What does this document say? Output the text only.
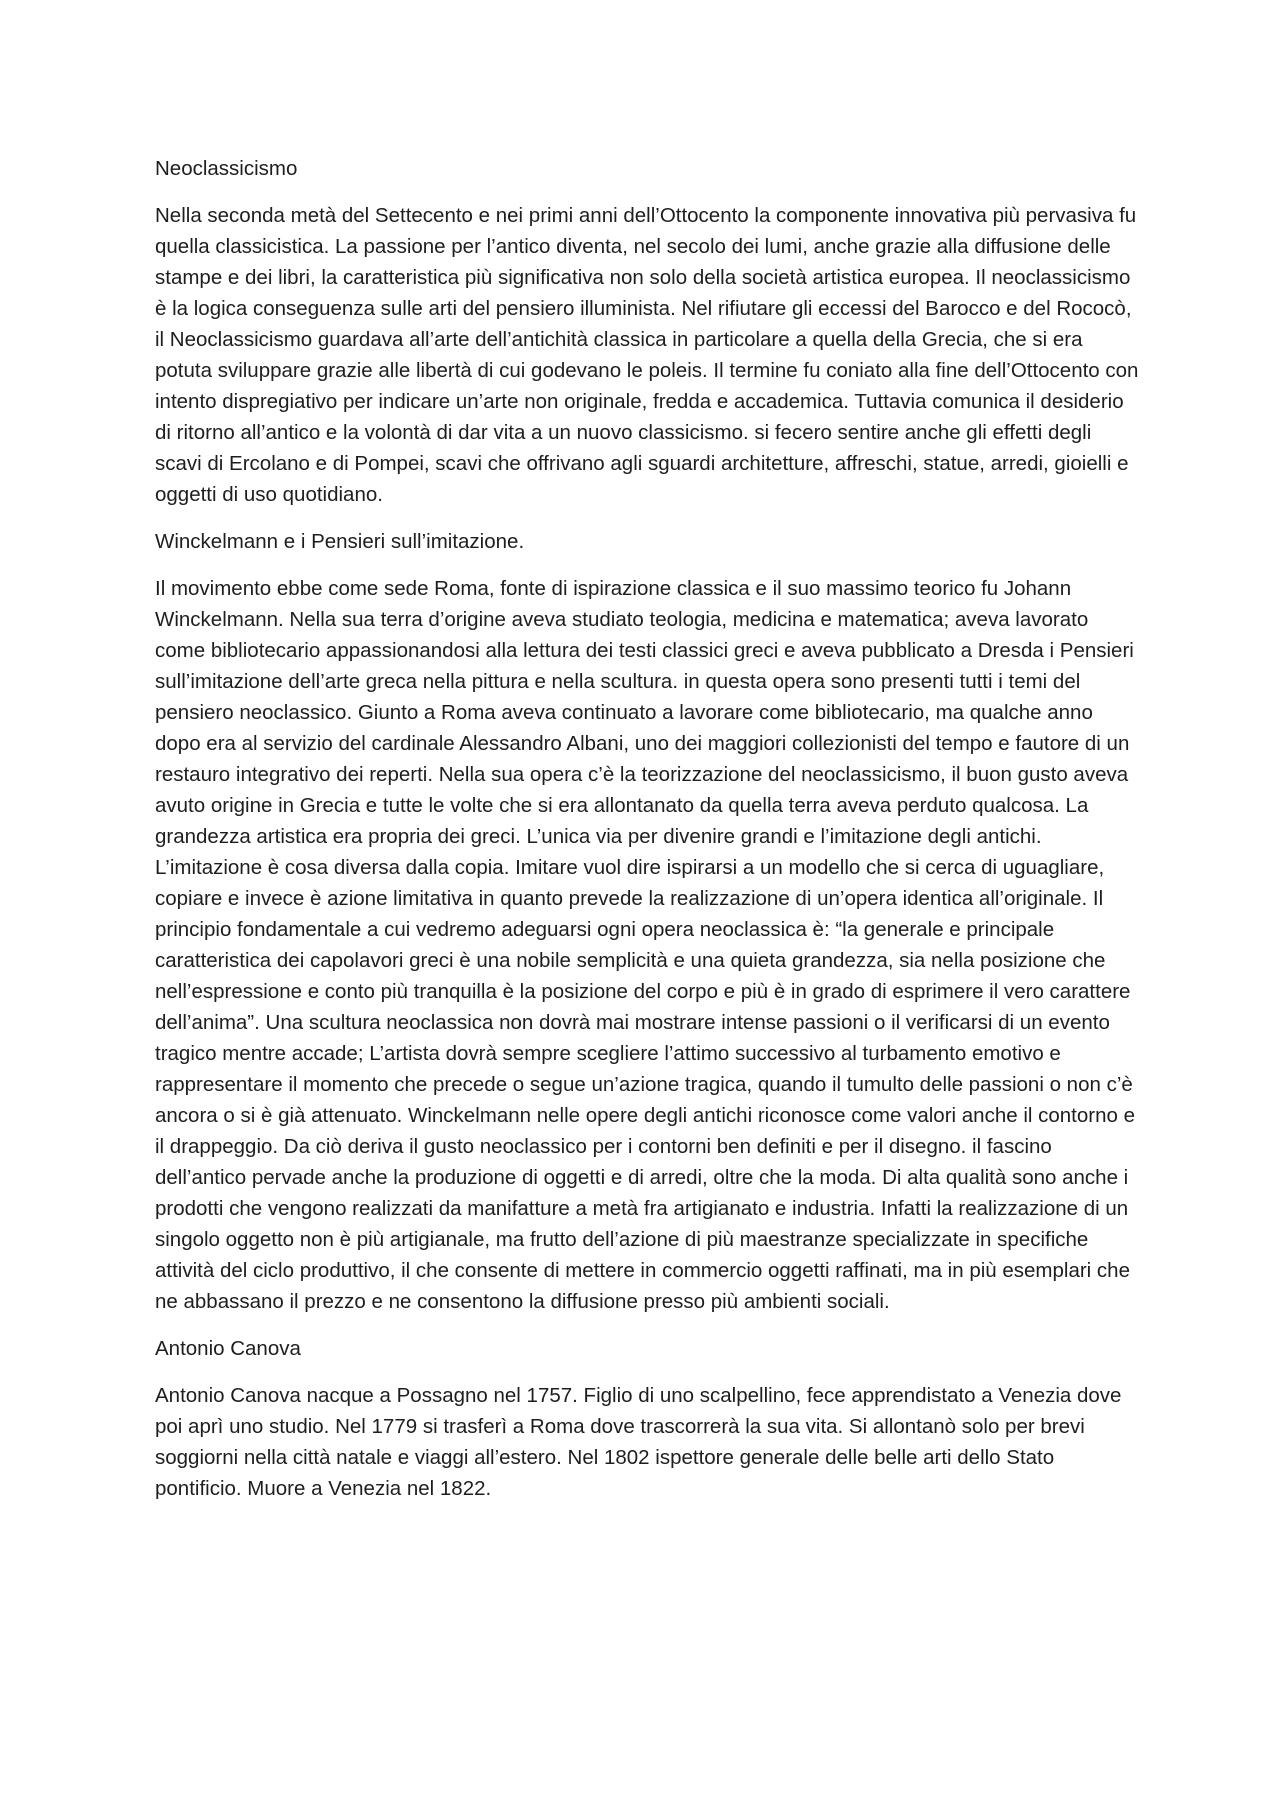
Neoclassicismo

Nella seconda metà del Settecento e nei primi anni dell’Ottocento la componente innovativa più pervasiva fu quella classicistica. La passione per l’antico diventa, nel secolo dei lumi, anche grazie alla diffusione delle stampe e dei libri, la caratteristica più significativa non solo della società artistica europea. Il neoclassicismo è la logica conseguenza sulle arti del pensiero illuminista. Nel rifiutare gli eccessi del Barocco e del Rococò, il Neoclassicismo guardava all’arte dell’antichità classica in particolare a quella della Grecia, che si era potuta sviluppare grazie alle libertà di cui godevano le poleis. Il termine fu coniato alla fine dell’Ottocento con intento dispregiativo per indicare un’arte non originale, fredda e accademica. Tuttavia comunica il desiderio di ritorno all’antico e la volontà di dar vita a un nuovo classicismo. si fecero sentire anche gli effetti degli scavi di Ercolano e di Pompei, scavi che offrivano agli sguardi architetture, affreschi, statue, arredi, gioielli e oggetti di uso quotidiano.

Winckelmann e i Pensieri sull’imitazione.

Il movimento ebbe come sede Roma, fonte di ispirazione classica e il suo massimo teorico fu Johann Winckelmann. Nella sua terra d’origine aveva studiato teologia, medicina e matematica; aveva lavorato come bibliotecario appassionandosi alla lettura dei testi classici greci e aveva pubblicato a Dresda i Pensieri sull’imitazione dell’arte greca nella pittura e nella scultura. in questa opera sono presenti tutti i temi del pensiero neoclassico. Giunto a Roma aveva continuato a lavorare come bibliotecario, ma qualche anno dopo era al servizio del cardinale Alessandro Albani, uno dei maggiori collezionisti del tempo e fautore di un restauro integrativo dei reperti. Nella sua opera c’è la teorizzazione del neoclassicismo, il buon gusto aveva avuto origine in Grecia e tutte le volte che si era allontanato da quella terra aveva perduto qualcosa. La grandezza artistica era propria dei greci. L’unica via per divenire grandi e l’imitazione degli antichi. L’imitazione è cosa diversa dalla copia. Imitare vuol dire ispirarsi a un modello che si cerca di uguagliare, copiare e invece è azione limitativa in quanto prevede la realizzazione di un’opera identica all’originale. Il principio fondamentale a cui vedremo adeguarsi ogni opera neoclassica è: “la generale e principale caratteristica dei capolavori greci è una nobile semplicità e una quieta grandezza, sia nella posizione che nell’espressione e conto più tranquilla è la posizione del corpo e più è in grado di esprimere il vero carattere dell’anima”. Una scultura neoclassica non dovrà mai mostrare intense passioni o il verificarsi di un evento tragico mentre accade; L’artista dovrà sempre scegliere l’attimo successivo al turbamento emotivo e rappresentare il momento che precede o segue un’azione tragica, quando il tumulto delle passioni o non c’è ancora o si è già attenuato. Winckelmann nelle opere degli antichi riconosce come valori anche il contorno e il drappeggio. Da ciò deriva il gusto neoclassico per i contorni ben definiti e per il disegno. il fascino dell’antico pervade anche la produzione di oggetti e di arredi, oltre che la moda. Di alta qualità sono anche i prodotti che vengono realizzati da manifatture a metà fra artigianato e industria. Infatti la realizzazione di un singolo oggetto non è più artigianale, ma frutto dell’azione di più maestranze specializzate in specifiche attività del ciclo produttivo, il che consente di mettere in commercio oggetti raffinati, ma in più esemplari che ne abbassano il prezzo e ne consentono la diffusione presso più ambienti sociali.

Antonio Canova

Antonio Canova nacque a Possagno nel 1757. Figlio di uno scalpellino, fece apprendistato a Venezia dove poi aprì uno studio. Nel 1779 si trasferì a Roma dove trascorrerà la sua vita. Si allontanò solo per brevi soggiorni nella città natale e viaggi all’estero. Nel 1802 ispettore generale delle belle arti dello Stato pontificio. Muore a Venezia nel 1822.
